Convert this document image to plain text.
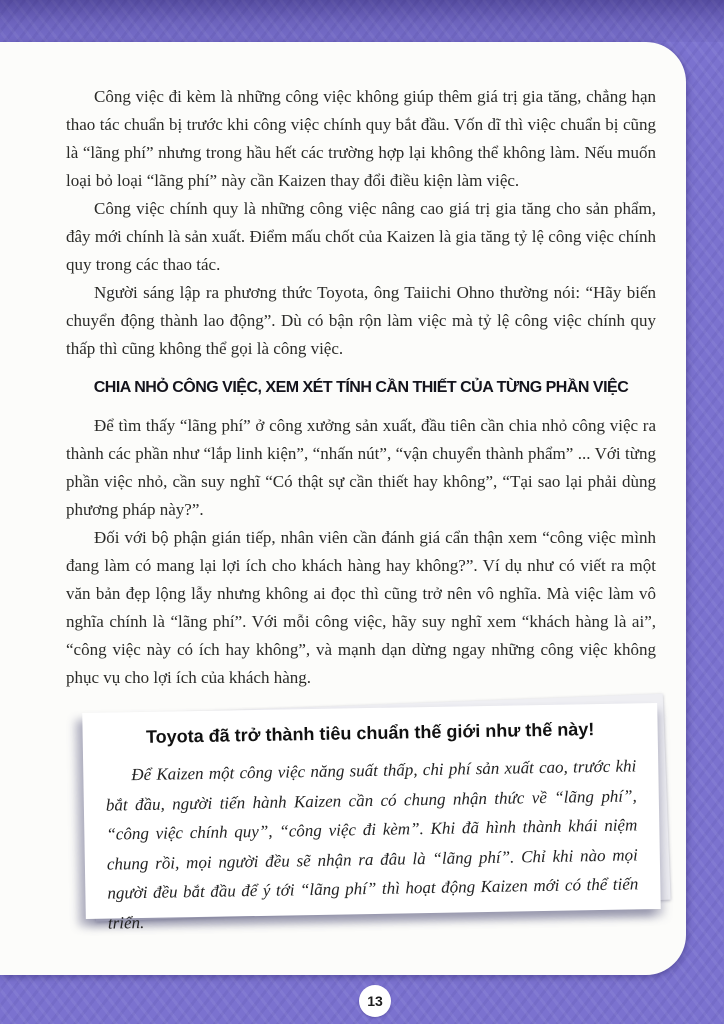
Công việc đi kèm là những công việc không giúp thêm giá trị gia tăng, chẳng hạn thao tác chuẩn bị trước khi công việc chính quy bắt đầu. Vốn dĩ thì việc chuẩn bị cũng là “lãng phí” nhưng trong hầu hết các trường hợp lại không thể không làm. Nếu muốn loại bỏ loại “lãng phí” này cần Kaizen thay đổi điều kiện làm việc.

Công việc chính quy là những công việc nâng cao giá trị gia tăng cho sản phẩm, đây mới chính là sản xuất. Điểm mấu chốt của Kaizen là gia tăng tỷ lệ công việc chính quy trong các thao tác.

Người sáng lập ra phương thức Toyota, ông Taiichi Ohno thường nói: “Hãy biến chuyển động thành lao động”. Dù có bận rộn làm việc mà tỷ lệ công việc chính quy thấp thì cũng không thể gọi là công việc.

CHIA NHỎ CÔNG VIỆC, XEM XÉT TÍNH CẦN THIẾT CỦA TỪNG PHẦN VIỆC

Để tìm thấy “lãng phí” ở công xưởng sản xuất, đầu tiên cần chia nhỏ công việc ra thành các phần như “lắp linh kiện”, “nhấn nút”, “vận chuyển thành phẩm” ... Với từng phần việc nhỏ, cần suy nghĩ “Có thật sự cần thiết hay không”, “Tại sao lại phải dùng phương pháp này?”.

Đối với bộ phận gián tiếp, nhân viên cần đánh giá cẩn thận xem “công việc mình đang làm có mang lại lợi ích cho khách hàng hay không?”. Ví dụ như có viết ra một văn bản đẹp lộng lẫy nhưng không ai đọc thì cũng trở nên vô nghĩa. Mà việc làm vô nghĩa chính là “lãng phí”. Với mỗi công việc, hãy suy nghĩ xem “khách hàng là ai”, “công việc này có ích hay không”, và mạnh dạn dừng ngay những công việc không phục vụ cho lợi ích của khách hàng.

Toyota đã trở thành tiêu chuẩn thế giới như thế này!

Để Kaizen một công việc năng suất thấp, chi phí sản xuất cao, trước khi bắt đầu, người tiến hành Kaizen cần có chung nhận thức về “lãng phí”, “công việc chính quy”, “công việc đi kèm”. Khi đã hình thành khái niệm chung rồi, mọi người đều sẽ nhận ra đâu là “lãng phí”. Chỉ khi nào mọi người đều bắt đầu để ý tới “lãng phí” thì hoạt động Kaizen mới có thể tiến triển.

13
